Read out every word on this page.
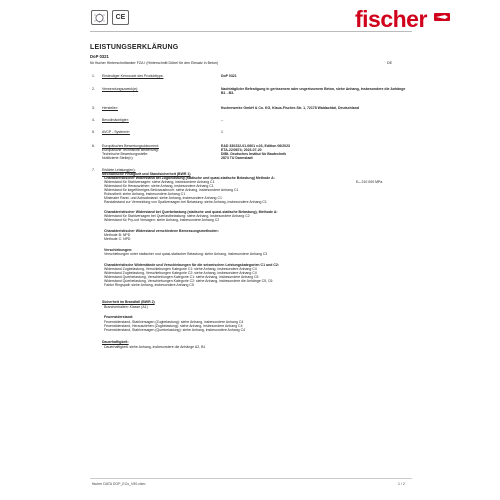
CE	fischer
LEISTUNGSERKLÄRUNG
DoP 0321
für fischer Hinterschnittanker FZA I (Hinterschnitt Dübel für den Einsatz in Beton)	DE
1. Eindeutiger Kenncode des Produkttyps:	DoP 0321
2. Verwendungszweck(e):	Nachträgliche Befestigung in gerissenem oder ungerissenem Beton, siehe Anhang, insbesondere die Anhänge B1 - B3.
3. Hersteller:	fischerwerke GmbH & Co. KG, Klaus-Fischer-Str. 1, 72178 Waldachtal, Deutschland
4. Bevollmächtigter:	--
5. AVCP - System/e:	1
6. Europäisches Bewertungsdokument:	EAD 330232-01-0601 v.03, Edition 06/2023
Europäische Technische Bewertung:	ETA-22/0674; 2023-07-20
Technische Bewertungsstelle:	DIBt- Deutsches Institut für Bautechnik
Notifizierte Stelle(n):	2873 TU Darmstadt
7. Erklärte Leistung(en):
Mechanische Festigkeit und Standsicherheit (BWR 1)
Charakteristischer Widerstand bei Zugbelastung (statische und quasi-statische Belastung) Methode A:
Widerstand für Stahlversagen: siehe Anhang, insbesondere Anhang C1	Eₘ 210 000 MPa
Widerstand für Herausziehen: siehe Anhang, insbesondere Anhang C1
Widerstand für kegelförmiges Betonausbruch: siehe Anhang, insbesondere Anhang C1
Robustheit: siehe Anhang, insbesondere Anhang C1
Minimaler Rand- und Achsabstand: siehe Anhang, insbesondere Anhang C1
Randabstand zur Vermeidung von Spaltversagen bei Belastung: siehe Anhang, insbesondere Anhang C1
Charakteristischer Widerstand bei Querbelastung (statische und quasi-statische Belastung), Methode A:
Widerstand für Stahlversagen bei Querlastbelastung: siehe Anhang, insbesondere Anhang C2
Widerstand für Pry-out Versagen: siehe Anhang, insbesondere Anhang C2
Charakteristischer Widerstand verschiedene Bemessungsmethoden:
Methode B: NPD
Methode C: NPD
Verschiebungen:
Verschiebungen unter statischer und quasi-statischer Belastung: siehe Anhang, insbesondere Anhang C3
Charakteristische Widerstände und Verschiebungen für die seismischen Leistungskategorien C1 und C2:
Widerstand Zugbelastung, Verschiebungen Kategorie C1: siehe Anhang, insbesondere Anhang C4
Widerstand Zugbelastung, Verschiebungen Kategorie C2: siehe Anhang, insbesondere Anhang C4
Widerstand Querbelastung, Verschiebungen Kategorie C1: siehe Anhang, insbesondere Anhang C5
Widerstand Querbelastung, Verschiebungen Kategorie C2: siehe Anhang, insbesondere die Anhänge C5, C6
Faktor Ringspalt: siehe Anhang, insbesondere Anhang C5
Sicherheit im Brandfall (BWR 2)
Brandverhalten: Klasse (A1)
Feuerwiderstand:
Feuerwiderstand, Stahlversagen (Zugbelastung): siehe Anhang, insbesondere Anhang C4
Feuerwiderstand, Herausziehen (Zugbelastung): siehe Anhang, insbesondere Anhang C4
Feuerwiderstand, Stahlversagen (Querbelastung): siehe Anhang, insbesondere Anhang C4
Dauerhaftigkeit:
Dauerhaftigkeit: siehe Anhang, insbesondere die Anhänge A2, B1
fischer DATA DOP_ECs_V90.xlsm	1 / 2
